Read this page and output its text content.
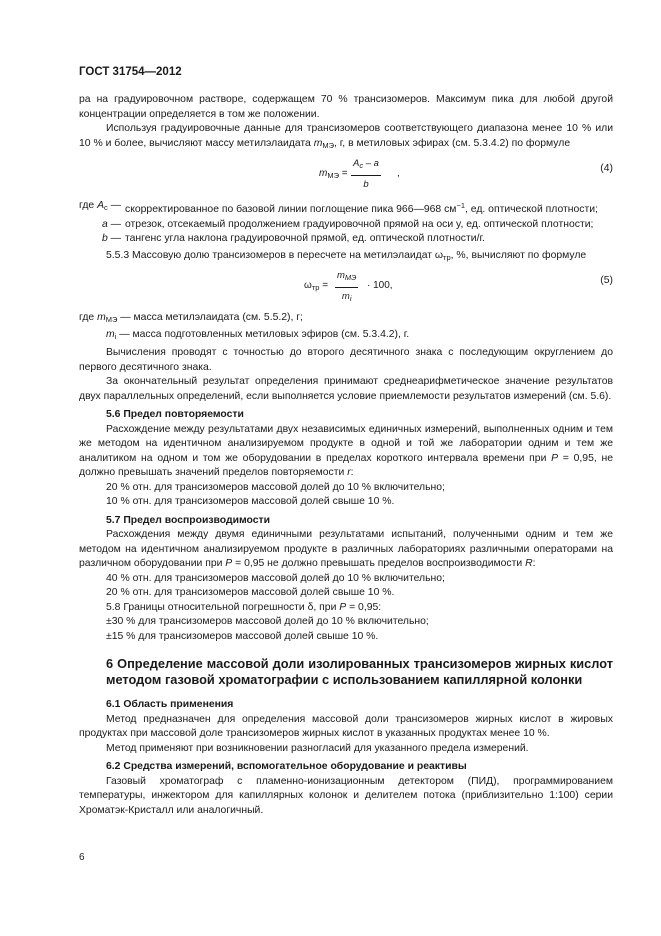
ГОСТ 31754—2012

ра на градуировочном растворе, содержащем 70 % трансизомеров. Максимум пика для любой другой концентрации определяется в том же положении.

Используя градуировочные данные для трансизомеров соответствующего диапазона менее 10 % или 10 % и более, вычисляют массу метилэлаидата $m_{МЭ}$, г, в метиловых эфирах (см. 5.3.4.2) по формуле

$m_{МЭ} = \frac{A_c - a}{b}$ ,	(4)
где $A_c$ — скорректированное по базовой линии поглощение пика 966—968 $см^{-1}$, ед. оптической плотности;
a — отрезок, отсекаемый продолжением градуировочной прямой на оси y, ед. оптической плотности;
b — тангенс угла наклона градуировочной прямой, ед. оптической плотности/г.

5.5.3 Массовую долю трансизомеров в пересчете на метилэлаидат $\omega_{тр}$, %, вычисляют по формуле

$\omega_{тр}$ =
$m_{МЭ}$
$m_i$
· 100,	(5)

где $m_{МЭ}$ — масса метилэлаидата (см. 5.5.2), г;

$m_i$ — масса подготовленных метиловых эфиров (см. 5.3.4.2), г.

Вычисления проводят с точностью до второго десятичного знака с последующим округлением до первого десятичного знака.

За окончательный результат определения принимают среднеарифметическое значение результатов двух параллельных определений, если выполняется условие приемлемости результатов измерений (см. 5.6).

5.6 Предел повторяемости

Расхождение между результатами двух независимых единичных измерений, выполненных одним и тем же методом на идентичном анализируемом продукте в одной и той же лаборатории одним и тем же аналитиком на одном и том же оборудовании в пределах короткого интервала времени при P = 0,95, не должно превышать значений пределов повторяемости r:

20 % отн. для трансизомеров массовой долей до 10 % включительно;

10 % отн. для трансизомеров массовой долей свыше 10 %.

5.7 Предел воспроизводимости

Расхождения между двумя единичными результатами испытаний, полученными одним и тем же методом на идентичном анализируемом продукте в различных лабораториях различными операторами на различном оборудовании при P = 0,95 не должно превышать пределов воспроизводимости R:

40 % отн. для трансизомеров массовой долей до 10 % включительно;

20 % отн. для трансизомеров массовой долей свыше 10 %.

5.8 Границы относительной погрешности δ, при P = 0,95:

±30 % для трансизомеров массовой долей до 10 % включительно;

±15 % для трансизомеров массовой долей свыше 10 %.

6 Определение массовой доли изолированных трансизомеров жирных кислот методом газовой хроматографии с использованием капиллярной колонки

6.1 Область применения

Метод предназначен для определения массовой доли трансизомеров жирных кислот в жировых продуктах при массовой доле трансизомеров жирных кислот в указанных продуктах менее 10 %.

Метод применяют при возникновении разногласий для указанного предела измерений.

6.2 Средства измерений, вспомогательное оборудование и реактивы

Газовый хроматограф с пламенно-ионизационным детектором (ПИД), программированием температуры, инжектором для капиллярных колонок и делителем потока (приблизительно 1:100) серии Хроматэк-Кристалл или аналогичный.

6
